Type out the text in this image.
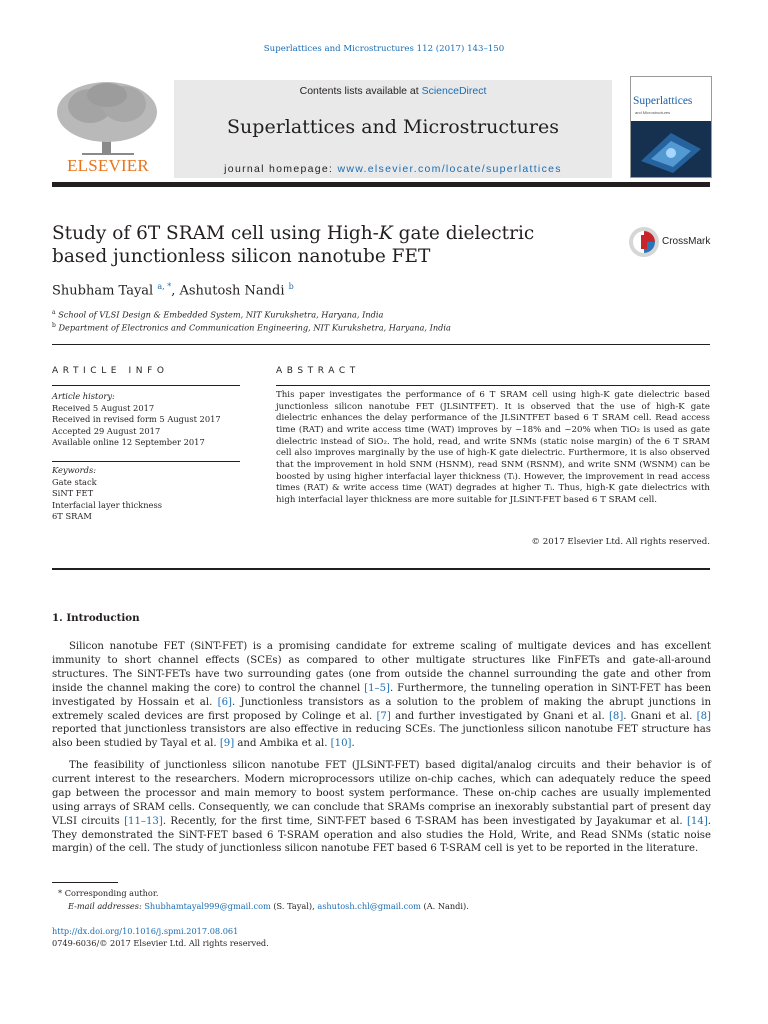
Superlattices and Microstructures 112 (2017) 143–150
ELSEVIER
Contents lists available at ScienceDirect
Superlattices and Microstructures
journal homepage: www.elsevier.com/locate/superlattices
Superlattices
and Microstructures
Study of 6T SRAM cell using High-K gate dielectric based junctionless silicon nanotube FET
CrossMark
Shubham Tayal $^{a, *}$, Ashutosh Nandi $^b$
$^a$ School of VLSI Design & Embedded System, NIT Kurukshetra, Haryana, India
$^b$ Department of Electronics and Communication Engineering, NIT Kurukshetra, Haryana, India
ARTICLE INFO
Article history:
Received 5 August 2017
Received in revised form 5 August 2017
Accepted 29 August 2017
Available online 12 September 2017
Keywords:
Gate stack
SiNT FET
Interfacial layer thickness
6T SRAM
ABSTRACT
This paper investigates the performance of 6 T SRAM cell using high-K gate dielectric based junctionless silicon nanotube FET (JLSiNTFET). It is observed that the use of high-K gate dielectric enhances the delay performance of the JLSiNTFET based 6 T SRAM cell. Read access time (RAT) and write access time (WAT) improves by ~18% and ~20% when TiO₂ is used as gate dielectric instead of SiO₂. The hold, read, and write SNMs (static noise margin) of the 6 T SRAM cell also improves marginally by the use of high-K gate dielectric. Furthermore, it is also observed that the improvement in hold SNM (HSNM), read SNM (RSNM), and write SNM (WSNM) can be boosted by using higher interfacial layer thickness (Tᵢ). However, the improvement in read access times (RAT) & write access time (WAT) degrades at higher Tᵢ. Thus, high-K gate dielectrics with high interfacial layer thickness are more suitable for JLSiNT-FET based 6 T SRAM cell.
© 2017 Elsevier Ltd. All rights reserved.
1. Introduction
Silicon nanotube FET (SiNT-FET) is a promising candidate for extreme scaling of multigate devices and has excellent immunity to short channel effects (SCEs) as compared to other multigate structures like FinFETs and gate-all-around structures. The SiNT-FETs have two surrounding gates (one from outside the channel surrounding the gate and other from inside the channel making the core) to control the channel [1–5]. Furthermore, the tunneling operation in SiNT-FET has been investigated by Hossain et al. [6]. Junctionless transistors as a solution to the problem of making the abrupt junctions in extremely scaled devices are first proposed by Colinge et al. [7] and further investigated by Gnani et al. [8]. Gnani et al. [8] reported that junctionless transistors are also effective in reducing SCEs. The junctionless silicon nanotube FET structure has also been studied by Tayal et al. [9] and Ambika et al. [10].
The feasibility of junctionless silicon nanotube FET (JLSiNT-FET) based digital/analog circuits and their behavior is of current interest to the researchers. Modern microprocessors utilize on-chip caches, which can adequately reduce the speed gap between the processor and main memory to boost system performance. These on-chip caches are usually implemented using arrays of SRAM cells. Consequently, we can conclude that SRAMs comprise an inexorably substantial part of present day VLSI circuits [11–13]. Recently, for the first time, SiNT-FET based 6 T-SRAM has been investigated by Jayakumar et al. [14]. They demonstrated the SiNT-FET based 6 T-SRAM operation and also studies the Hold, Write, and Read SNMs (static noise margin) of the cell. The study of junctionless silicon nanotube FET based 6 T-SRAM cell is yet to be reported in the literature.
* Corresponding author.
E-mail addresses: Shubhamtayal999@gmail.com (S. Tayal), ashutosh.chl@gmail.com (A. Nandi).
http://dx.doi.org/10.1016/j.spmi.2017.08.061
0749-6036/© 2017 Elsevier Ltd. All rights reserved.
